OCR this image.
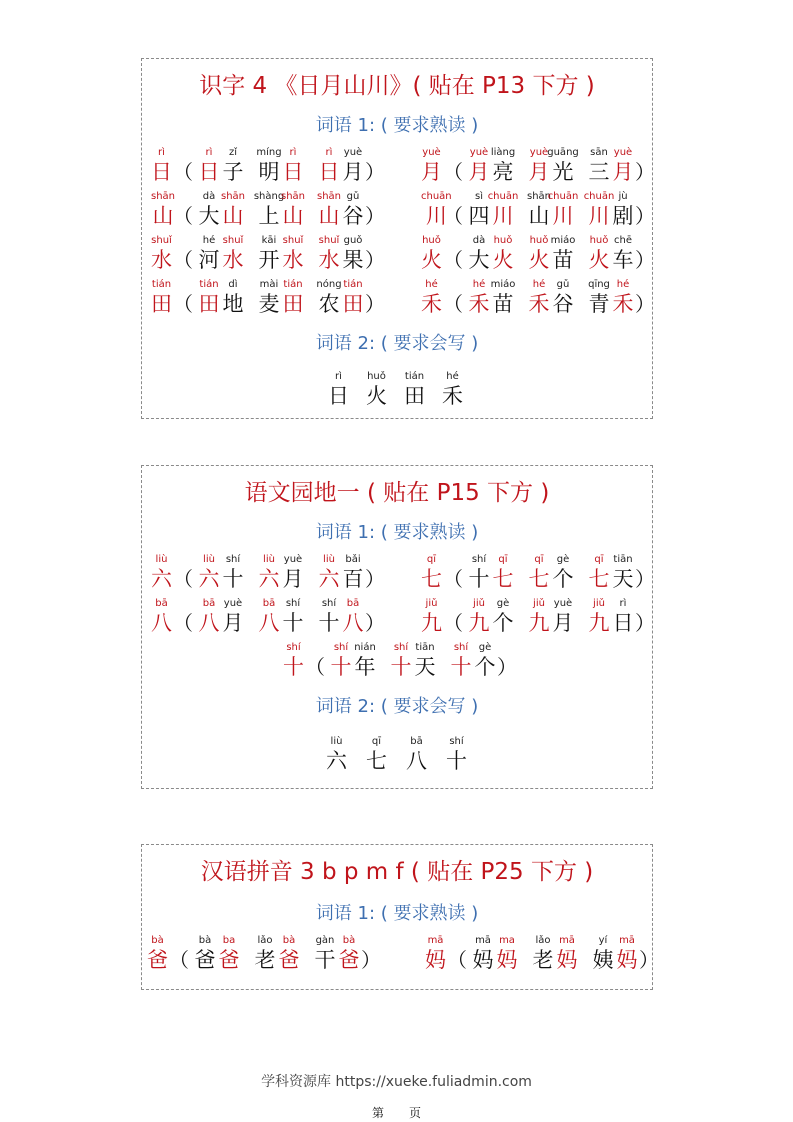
识字 4 《日月山川》( 贴在 P13 下方 )
词语 1: ( 要求熟读 )
rì
日 （
rì
日
zǐ
子
míng
明
rì
日
rì
日
yuè
月 ）
yuè
月 （
yuè
月
liàng
亮
yuè
月
guāng
光
sān
三
yuè
月 ）
shān
山 （
dà
大
shān
山
shàng
上
shān
山
shān
山
gǔ
谷 ）
chuān
川
（
sì
四
chuān
川
shān
山
chuān
川
chuān
川
jù
剧 ）
shuǐ
水 （
hé
河
shuǐ
水
kāi
开
shuǐ
水
shuǐ
水
guǒ
果 ）
huǒ
火 （
dà
大
huǒ
火
huǒ
火
miáo
苗
huǒ
火
chē
车 ）
tián
田 （
tián
田
dì
地
mài
麦
tián
田
nóng
农
tián
田 ）
hé
禾 （
hé
禾
miáo
苗
hé
禾
gǔ
谷
qīng
青
hé
禾 ）
词语 2: ( 要求会写 )
rì
日
huǒ
火
tián
田
hé
禾
语文园地一 ( 贴在 P15 下方 )
词语 1: ( 要求熟读 )
liù
六 （
liù
六
shí
十
liù
六
yuè
月
liù
六
bǎi
百 ）
qī
七 （
shí
十
qī
七
qī
七
gè
个
qī
七
tiān
天 ）
bā
八 （
bā
八
yuè
月
bā
八
shí
十
shí
十
bā
八 ）
jiǔ
九 （
jiǔ
九
gè
个
jiǔ
九
yuè
月
jiǔ
九
rì
日 ）
shí
十 （
shí
十
nián
年
shí
十
tiān
天
shí
十
gè
个 ）
词语 2: ( 要求会写 )
liù
六
qī
七
bā
八
shí
十
汉语拼音 3 b p m f ( 贴在 P25 下方 )
词语 1: ( 要求熟读 )
bà
爸 （
bà
爸
ba
爸
lǎo
老
bà
爸
gàn
干
bà
爸 ）
mā
妈 （
mā
妈
ma
妈
lǎo
老
mā
妈
yí
姨
mā
妈 ）
学科资源库 https://xueke.fuliadmin.com
第 页
